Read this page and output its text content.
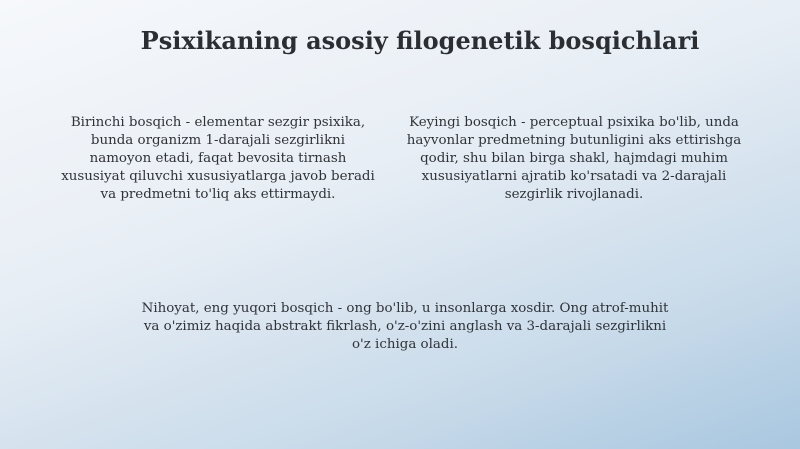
Psixikaning asosiy filogenetik bosqichlari

Birinchi bosqich - elementar sezgir psixika, bunda organizm 1-darajali sezgirlikni namoyon etadi, faqat bevosita tirnash xususiyat qiluvchi xususiyatlarga javob beradi va predmetni to'liq aks ettirmaydi.

Keyingi bosqich - perceptual psixika bo'lib, unda hayvonlar predmetning butunligini aks ettirishga qodir, shu bilan birga shakl, hajmdagi muhim xususiyatlarni ajratib ko'rsatadi va 2-darajali sezgirlik rivojlanadi.

Nihoyat, eng yuqori bosqich - ong bo'lib, u insonlarga xosdir. Ong atrof-muhit va o'zimiz haqida abstrakt fikrlash, o'z-o'zini anglash va 3-darajali sezgirlikni o'z ichiga oladi.
